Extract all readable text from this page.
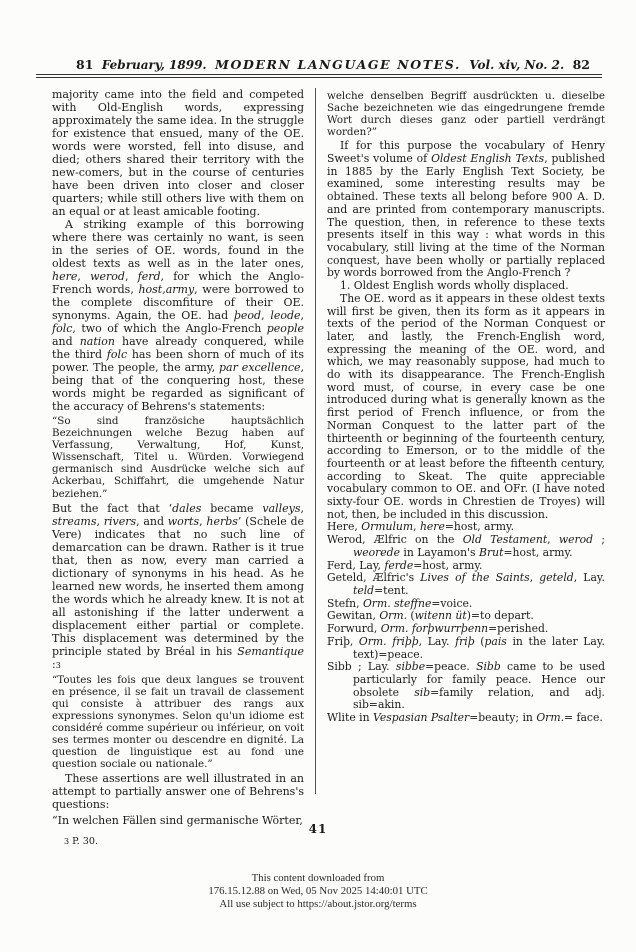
81 February, 1899. MODERN LANGUAGE NOTES. Vol. xiv, No. 2. 82

majority came into the field and competed with Old-English words, expressing approximately the same idea. In the struggle for existence that ensued, many of the OE. words were worsted, fell into disuse, and died; others shared their territory with the new-comers, but in the course of centuries have been driven into closer and closer quarters; while still others live with them on an equal or at least amicable footing.

A striking example of this borrowing where there was certainly no want, is seen in the series of OE. words, found in the oldest texts as well as in the later ones, here, werod, ferd, for which the Anglo-French words, host,army, were borrowed to the complete discomfiture of their OE. synonyms. Again, the OE. had þeod, leode, folc, two of which the Anglo-French people and nation have already conquered, while the third folc has been shorn of much of its power. The people, the army, par excellence, being that of the conquering host, these words might be regarded as significant of the accuracy of Behrens's statements:

“So sind französiche hauptsächlich Bezeichnungen welche Bezug haben auf Verfassung, Verwaltung, Hof, Kunst, Wissenschaft, Titel u. Würden. Vorwiegend germanisch sind Ausdrücke welche sich auf Ackerbau, Schiffahrt, die umgehende Natur beziehen.”

But the fact that ‘dales became valleys, streams, rivers, and worts, herbs’ (Schele de Vere) indicates that no such line of demarcation can be drawn. Rather is it true that, then as now, every man carried a dictionary of synonyms in his head. As he learned new words, he inserted them among the words which he already knew. It is not at all astonishing if the latter underwent a displacement either partial or complete. This displacement was determined by the principle stated by Bréal in his Semantique :3

“Toutes les fois que deux langues se trouvent en présence, il se fait un travail de classement qui consiste à attribuer des rangs aux expressions synonymes. Selon qu'un idiome est considéré comme supérieur ou inférieur, on voit ses termes monter ou descendre en dignité. La question de linguistique est au fond une question sociale ou nationale.”

These assertions are well illustrated in an attempt to partially answer one of Behrens's questions:

“In welchen Fällen sind germanische Wörter,

3 P. 30.

welche denselben Begriff ausdrückten u. dieselbe Sache bezeichneten wie das eingedrungene fremde Wort durch dieses ganz oder partiell verdrängt worden?”

If for this purpose the vocabulary of Henry Sweet's volume of Oldest English Texts, published in 1885 by the Early English Text Society, be examined, some interesting results may be obtained. These texts all belong before 900 A. D. and are printed from contemporary manuscripts. The question, then, in reference to these texts presents itself in this way : what words in this vocabulary, still living at the time of the Norman conquest, have been wholly or partially replaced by words borrowed from the Anglo-French ?

1. Oldest English words wholly displaced.

The OE. word as it appears in these oldest texts will first be given, then its form as it appears in texts of the period of the Norman Conquest or later, and lastly, the French-English word, expressing the meaning of the OE. word, and which, we may reasonably suppose, had much to do with its disappearance. The French-English word must, of course, in every case be one introduced during what is generally known as the first period of French influence, or from the Norman Conquest to the latter part of the thirteenth or beginning of the fourteenth century, according to Emerson, or to the middle of the fourteenth or at least before the fifteenth century, according to Skeat. The quite appreciable vocabulary common to OE. and OFr. (I have noted sixty-four OE. words in Chrestien de Troyes) will not, then, be included in this discussion.

Here, Ormulum, here=host, army.

Werod, Ælfric on the Old Testament, werod ; weorede in Layamon's Brut=host, army.

Ferd, Lay, ferde=host, army.

Geteld, Ælfric's Lives of the Saints, geteld, Lay. teld=tent.

Stefn, Orm. steffne=voice.

Gewitan, Orm. (witenn üt)=to depart.

Forwurd, Orm. forþwurrþenn=perished.

Friþ, Orm. friþþ, Lay. friþ (pais in the later Lay. text)=peace.

Sibb ; Lay. sibbe=peace. Sibb came to be used particularly for family peace. Hence our obsolete sib=family relation, and adj. sib=akin.

Wlite in Vespasian Psalter=beauty; in Orm.= face.

41
This content downloaded from
176.15.12.88 on Wed, 05 Nov 2025 14:40:01 UTC
All use subject to https://about.jstor.org/terms
